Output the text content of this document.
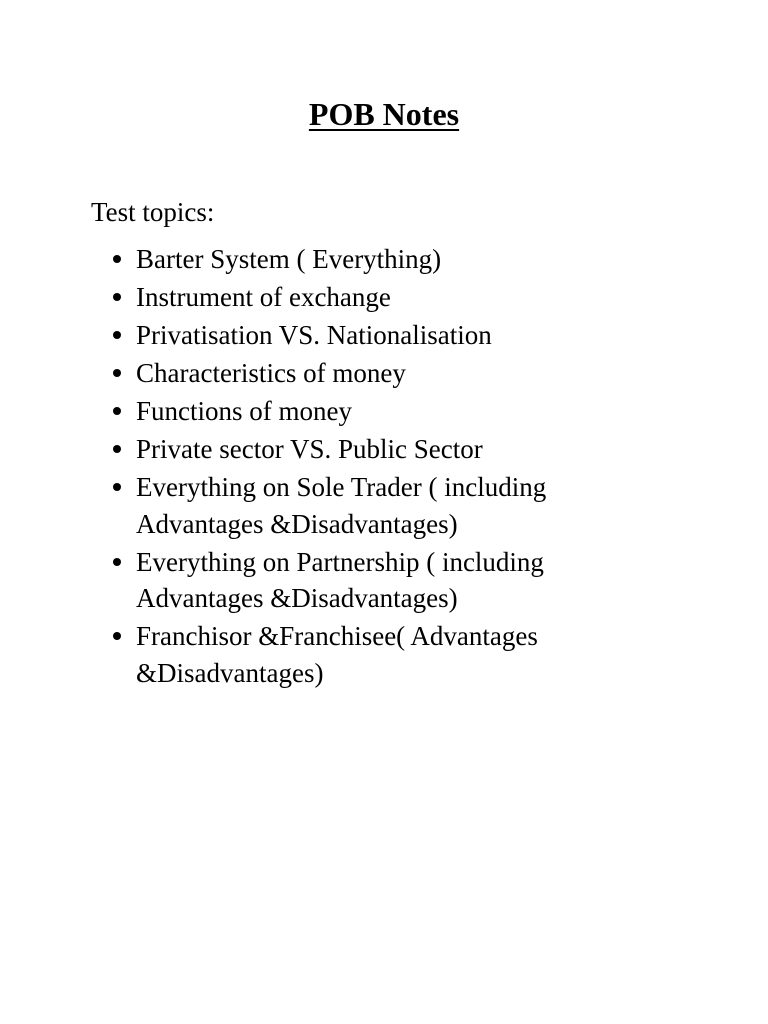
POB Notes
Test topics:
Barter System ( Everything)
Instrument of exchange
Privatisation VS. Nationalisation
Characteristics of money
Functions of money
Private sector VS. Public Sector
Everything on Sole Trader ( including
Advantages &Disadvantages)
Everything on Partnership ( including
Advantages &Disadvantages)
Franchisor &Franchisee( Advantages
&Disadvantages)
